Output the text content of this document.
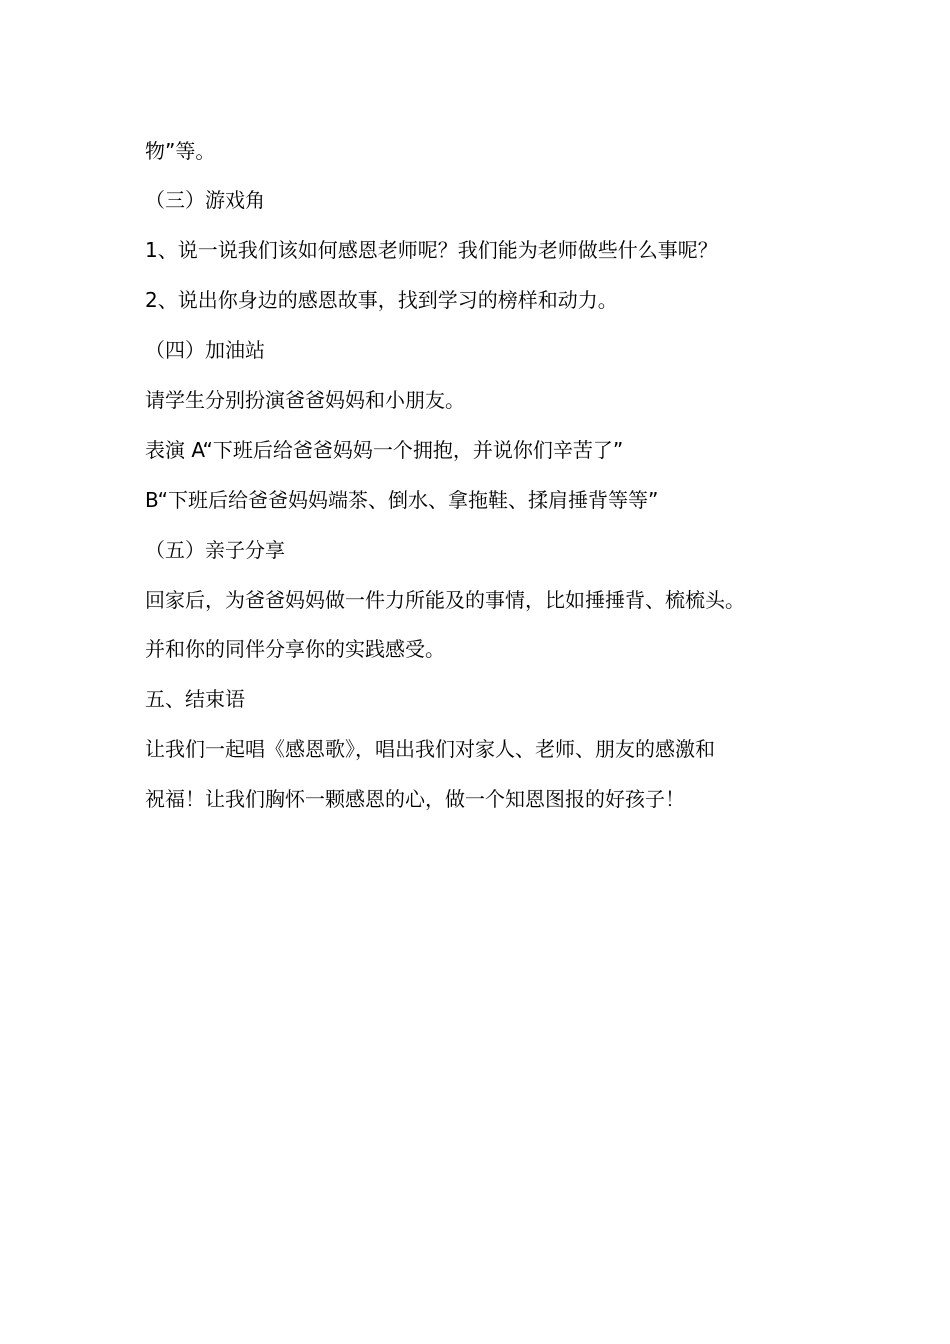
物”等。
（三）游戏角
1、说一说我们该如何感恩老师呢？我们能为老师做些什么事呢？
2、说出你身边的感恩故事，找到学习的榜样和动力。
（四）加油站
请学生分别扮演爸爸妈妈和小朋友。
表演 A“下班后给爸爸妈妈一个拥抱，并说你们辛苦了”
B“下班后给爸爸妈妈端茶、倒水、拿拖鞋、揉肩捶背等等”
（五）亲子分享
回家后，为爸爸妈妈做一件力所能及的事情，比如捶捶背、梳梳头。
并和你的同伴分享你的实践感受。
五、结束语
让我们一起唱《感恩歌》，唱出我们对家人、老师、朋友的感激和
祝福！让我们胸怀一颗感恩的心，做一个知恩图报的好孩子！
